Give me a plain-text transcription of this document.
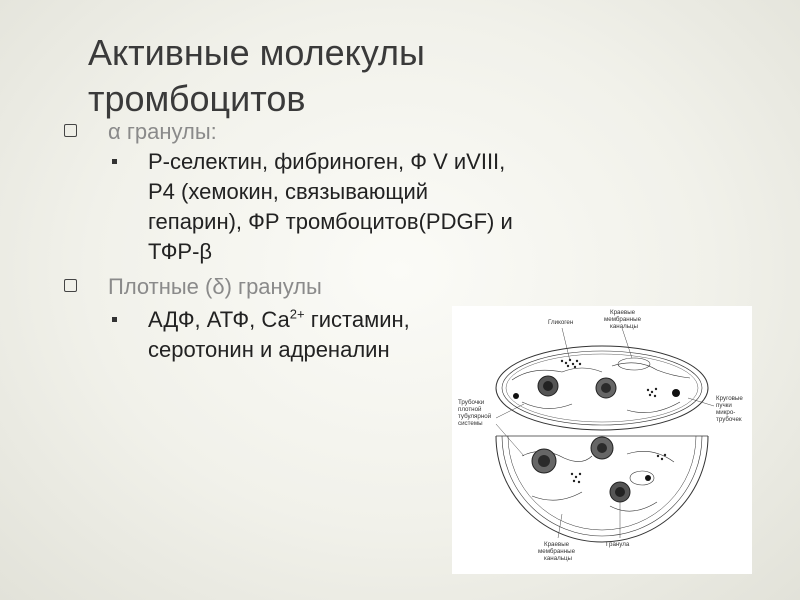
Активные молекулы тромбоцитов
α гранулы:
P-селектин, фибриноген, Ф V иVIII,
P4 (хемокин, связывающий
гепарин), ФР тромбоцитов(PDGF) и
ТФР-β
Плотные (δ) гранулы
АДФ, АТФ, $Са^{2+}$ гистамин,
серотонин и адреналин
Гликоген
Краевые мембранные канальцы
Круговые пучки микро- трубочек
Трубочки плотной тубулярной системы
Краевые мембранные канальцы
Гранула
